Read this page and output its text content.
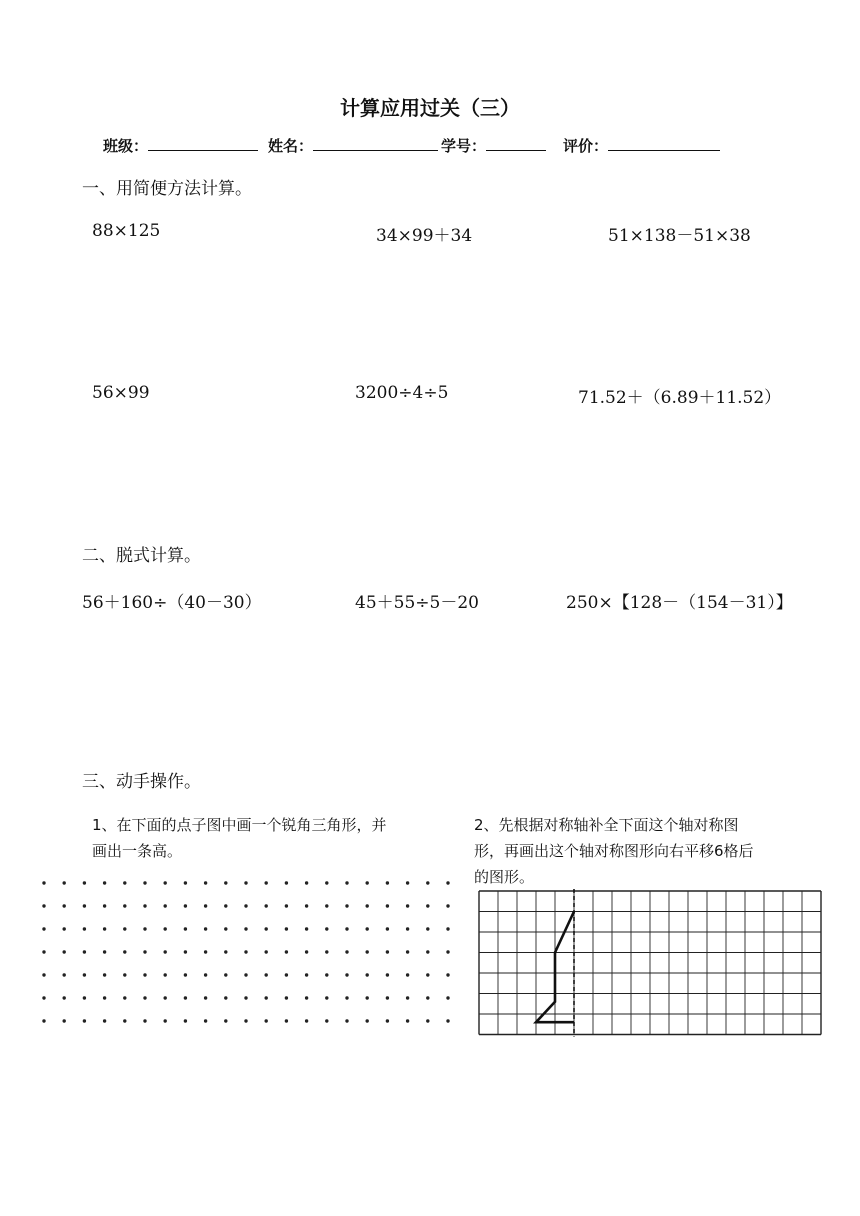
计算应用过关（三）
班级：	姓名：	学号：	评价：
一、用简便方法计算。
88×125	34×99＋34	51×138－51×38
56×99	3200÷4÷5	71.52＋（6.89＋11.52）
二、脱式计算。
56＋160÷（40－30）	45＋55÷5－20	250×【128－（154－31）】
三、动手操作。
1、在下面的点子图中画一个锐角三角形，并画出一条高。
2、先根据对称轴补全下面这个轴对称图形，再画出这个轴对称图形向右平移6格后的图形。
